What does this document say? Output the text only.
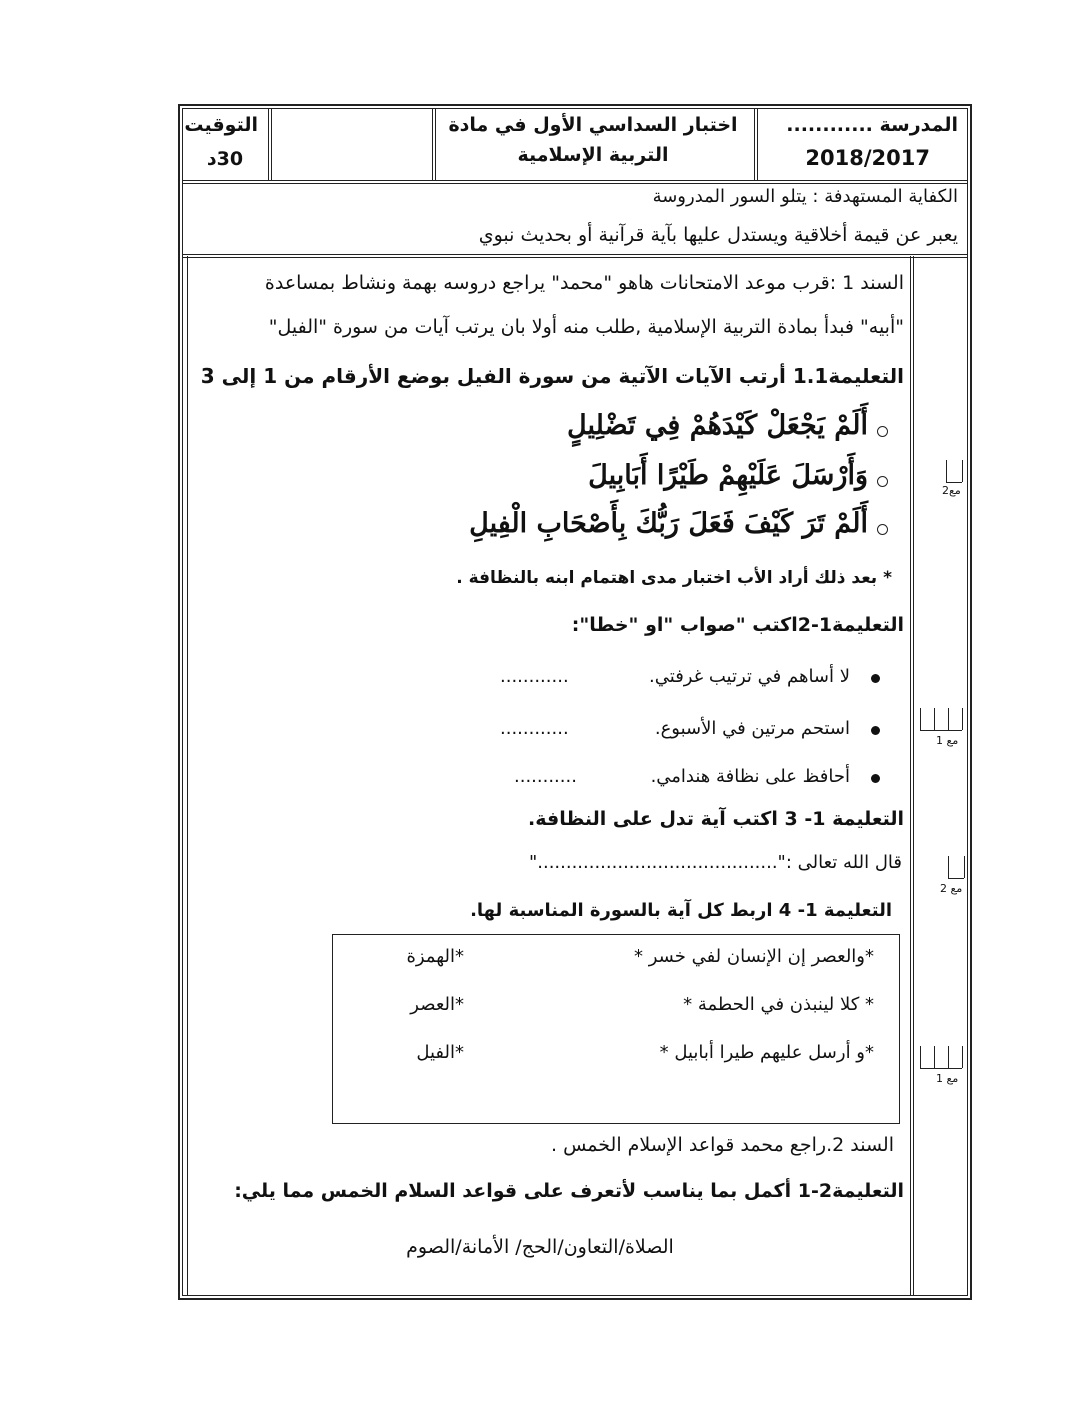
التوقيت
30د
اختبار السداسي الأول في مادة
التربية الإسلامية
المدرسة ............
2018/2017
الكفاية المستهدفة : يتلو السور المدروسة
يعبر عن قيمة أخلاقية ويستدل عليها بآية قرآنية أو بحديث نبوي
السند 1 :قرب موعد الامتحانات هاهو "محمد" يراجع دروسه بهمة ونشاط بمساعدة
"أبيه" فبدأ بمادة التربية الإسلامية ,طلب منه أولا بان يرتب آيات من سورة "الفيل"
التعليمة1.1 أرتب الآيات الآتية من سورة الفيل بوضع الأرقام من 1 إلى 3
أَلَمْ يَجْعَلْ كَيْدَهُمْ فِي تَضْلِيلٍ
وَأَرْسَلَ عَلَيْهِمْ طَيْرًا أَبَابِيلَ
أَلَمْ تَرَ كَيْفَ فَعَلَ رَبُّكَ بِأَصْحَابِ الْفِيلِ
مع2
* بعد ذلك أراد الأب اختبار مدى اهتمام ابنه بالنظافة .
التعليمة1-2اكتب "صواب "او "خطا":
لا أساهم في ترتيب غرفتي.
............
استحم مرتين في الأسبوع.
............
أحافظ على نظافة هندامي.
...........
مع 1
التعليمة 1- 3 اكتب آية تدل على النظافة.
قال الله تعالى :".........................................."
مع 2
التعليمة 1- 4 اربط كل آية بالسورة المناسبة لها.
*والعصر إن الإنسان لفي خسر *
*الهمزة
* كلا لينبذن في الحطمة *
*العصر
*و أرسل عليهم طيرا أبابيل *
*الفيل
مع 1
السند 2.راجع محمد قواعد الإسلام الخمس .
التعليمة2-1 أكمل بما يناسب لأتعرف على قواعد السلام الخمس مما يلي:
الصلاة/التعاون/الحج/ الأمانة/الصوم
